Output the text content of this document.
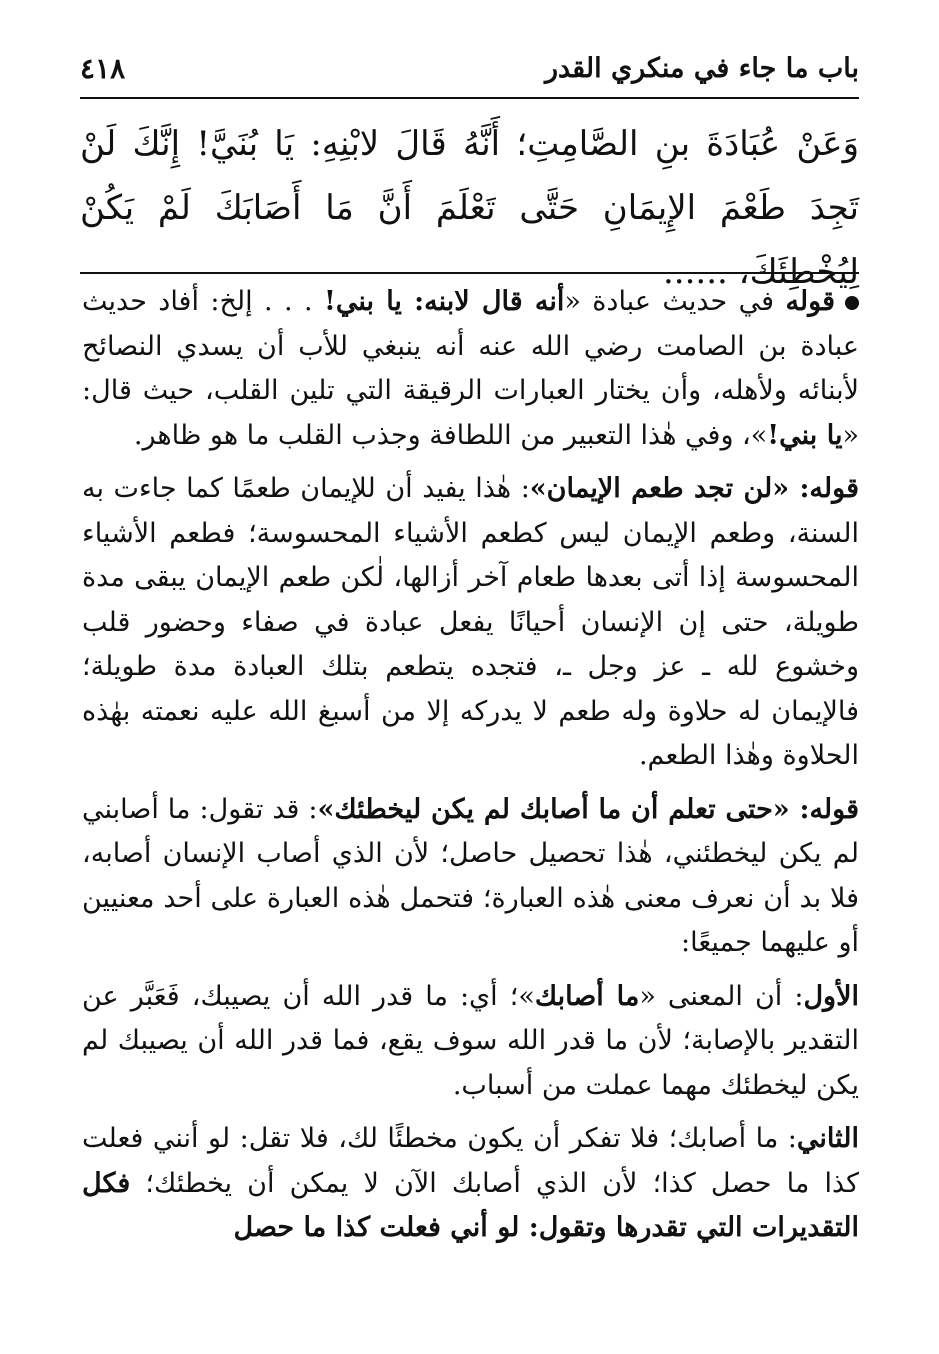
باب ما جاء في منكري القدر
٤١٨
وَعَنْ عُبَادَةَ بنِ الصَّامِتِ؛ أَنَّهُ قَالَ لابْنِهِ: يَا بُنَيَّ! إِنَّكَ لَنْ تَجِدَ طَعْمَ الإِيمَانِ حَتَّى تَعْلَمَ أَنَّ مَا أَصَابَكَ لَمْ يَكُنْ لِيُخْطِئَكَ، ......

قوله في حديث عبادة «أنه قال لابنه: يا بني! . . . إلخ: أفاد حديث عبادة بن الصامت رضي الله عنه أنه ينبغي للأب أن يسدي النصائح لأبنائه ولأهله، وأن يختار العبارات الرقيقة التي تلين القلب، حيث قال: «يا بني!»، وفي هٰذا التعبير من اللطافة وجذب القلب ما هو ظاهر.

قوله: «لن تجد طعم الإيمان»: هٰذا يفيد أن للإيمان طعمًا كما جاءت به السنة، وطعم الإيمان ليس كطعم الأشياء المحسوسة؛ فطعم الأشياء المحسوسة إذا أتى بعدها طعام آخر أزالها، لٰكن طعم الإيمان يبقى مدة طويلة، حتى إن الإنسان أحيانًا يفعل عبادة في صفاء وحضور قلب وخشوع لله ـ عز وجل ـ، فتجده يتطعم بتلك العبادة مدة طويلة؛ فالإيمان له حلاوة وله طعم لا يدركه إلا من أسبغ الله عليه نعمته بهٰذه الحلاوة وهٰذا الطعم.

قوله: «حتى تعلم أن ما أصابك لم يكن ليخطئك»: قد تقول: ما أصابني لم يكن ليخطئني، هٰذا تحصيل حاصل؛ لأن الذي أصاب الإنسان أصابه، فلا بد أن نعرف معنى هٰذه العبارة؛ فتحمل هٰذه العبارة على أحد معنيين أو عليهما جميعًا:

الأول: أن المعنى «ما أصابك»؛ أي: ما قدر الله أن يصيبك، فَعَبَّر عن التقدير بالإصابة؛ لأن ما قدر الله سوف يقع، فما قدر الله أن يصيبك لم يكن ليخطئك مهما عملت من أسباب.

الثاني: ما أصابك؛ فلا تفكر أن يكون مخطئًا لك، فلا تقل: لو أنني فعلت كذا ما حصل كذا؛ لأن الذي أصابك الآن لا يمكن أن يخطئك؛ فكل التقديرات التي تقدرها وتقول: لو أني فعلت كذا ما حصل
